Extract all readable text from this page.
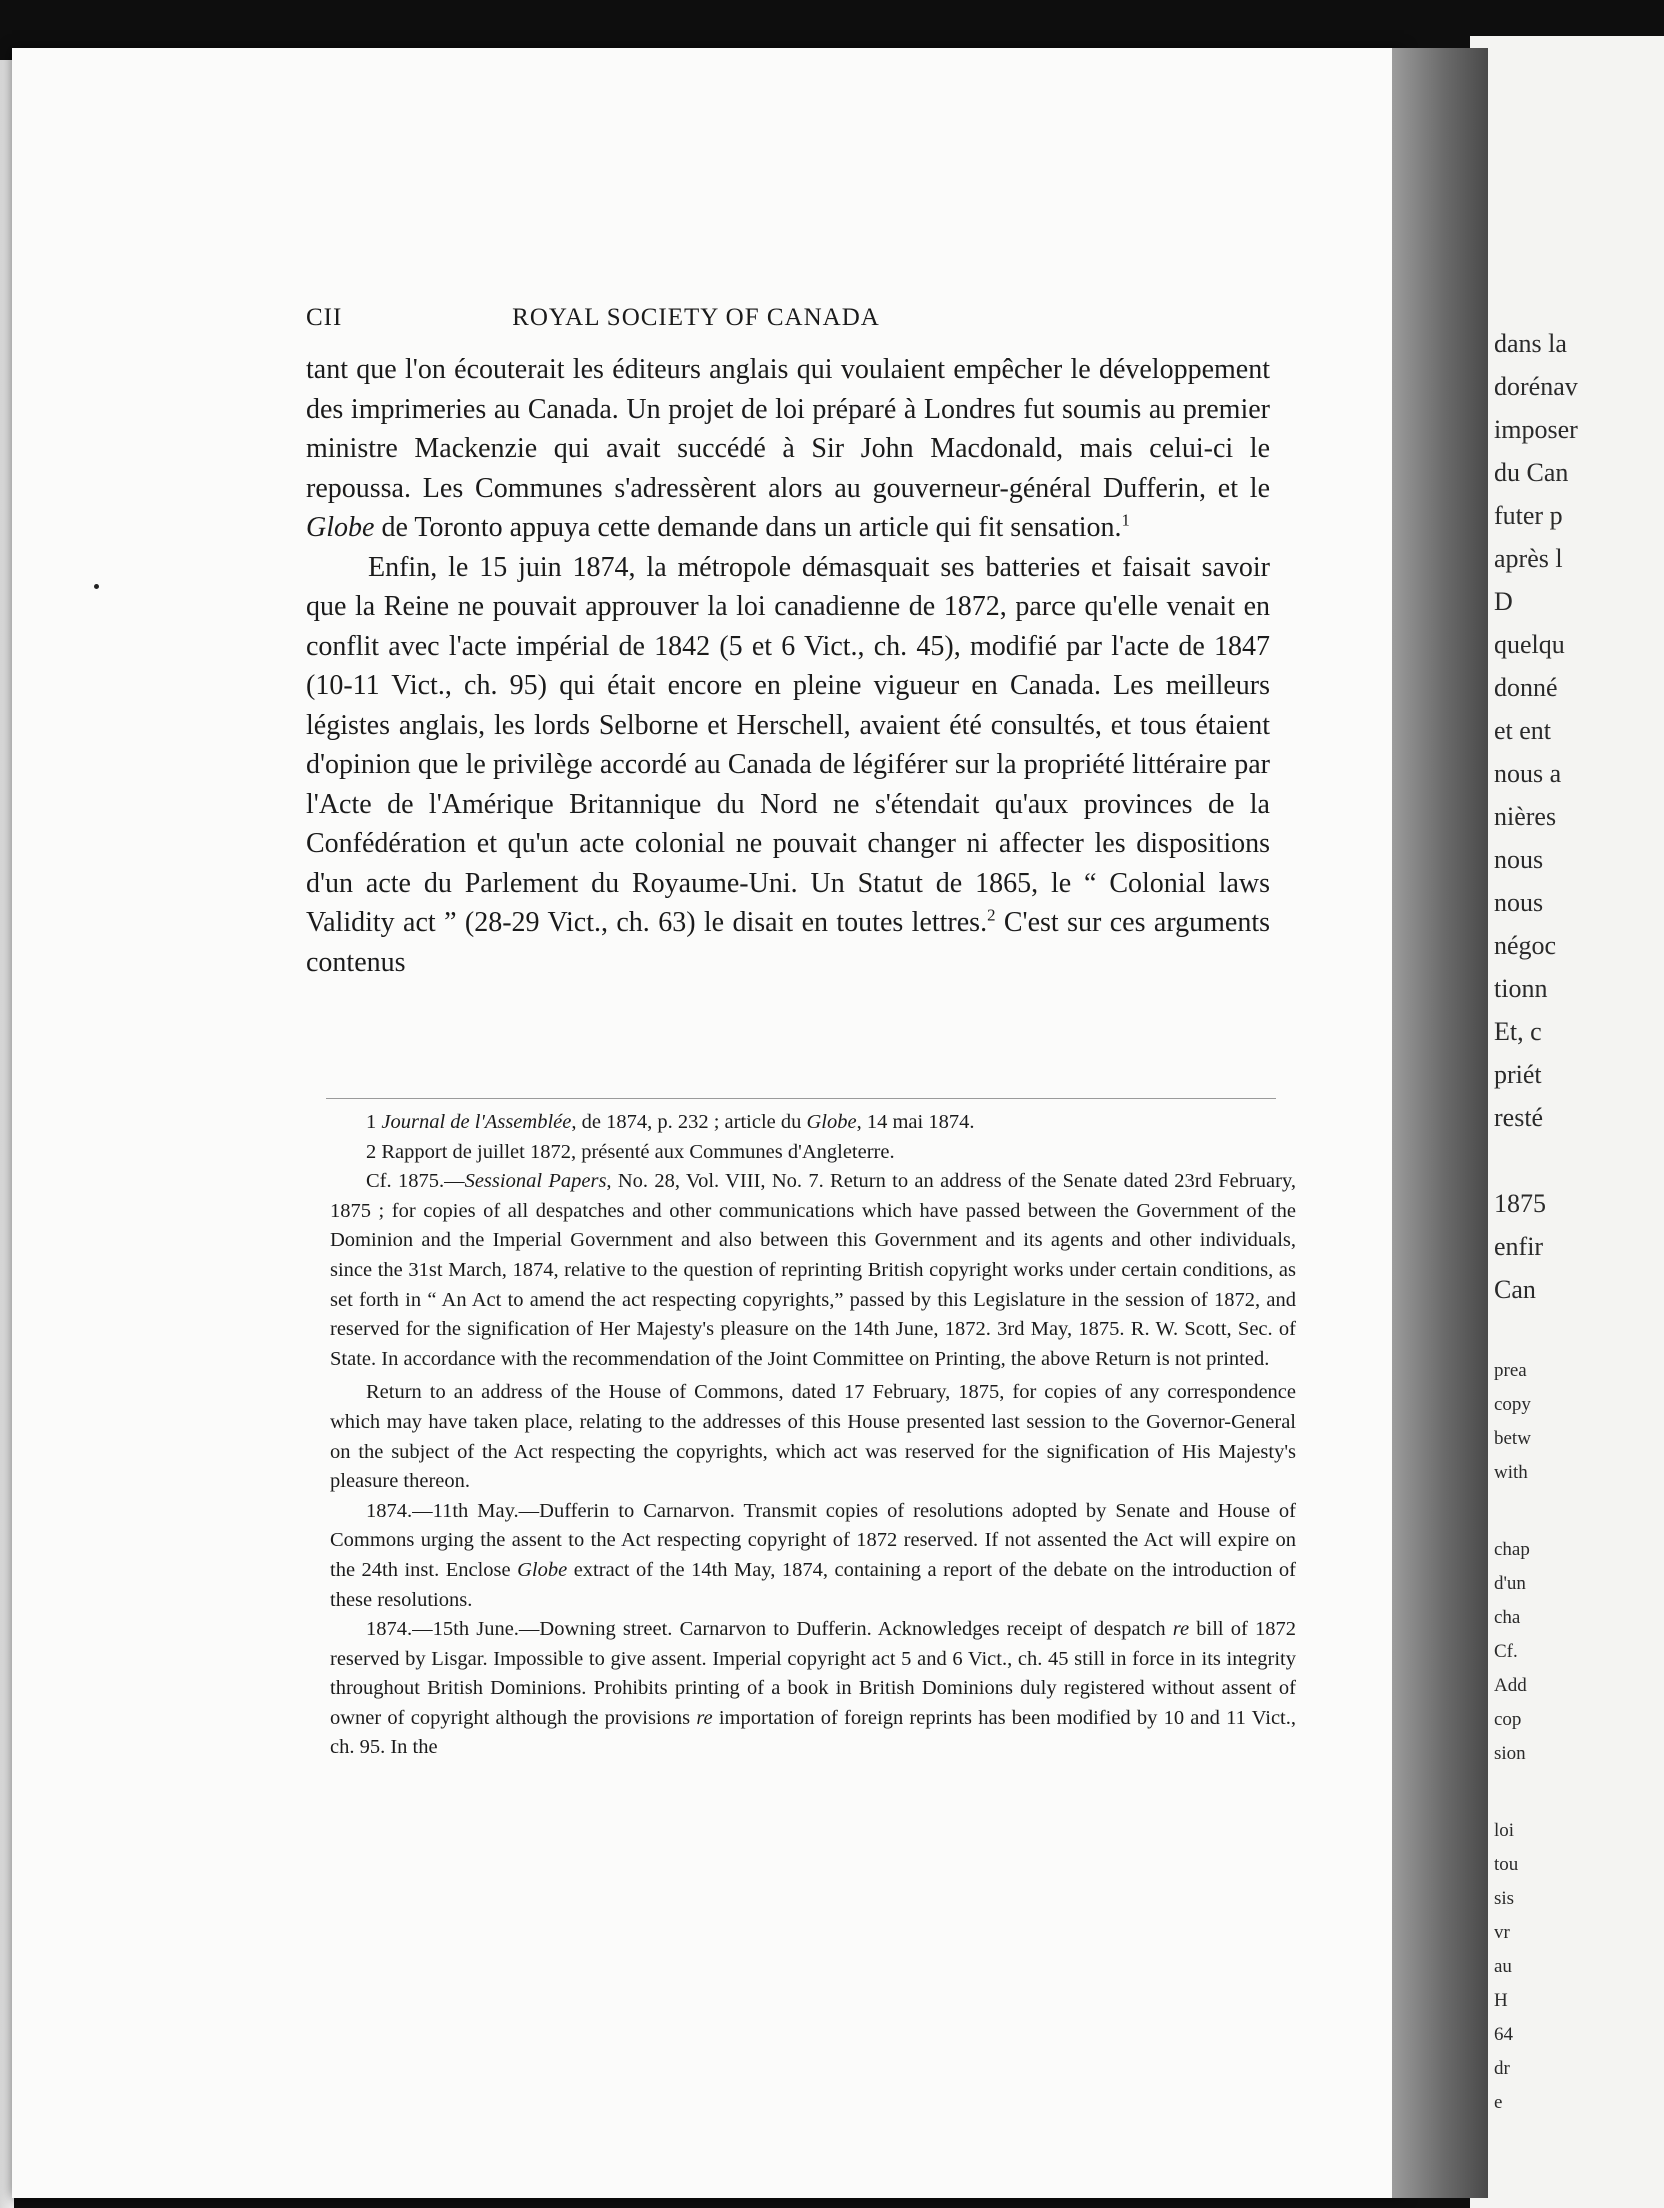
dans la
dorénav
imposer
du Can
futer p
après l
D
quelqu
donné
et ent
nous a
nières
nous
nous
négoc
tionn
Et, c
priét
resté
1875
enfir
Can
prea
copy
betw
with
chap
d'un
cha
Cf.
Add
cop
sion
loi
tou
sis
vr
au
H
64
dr
e
CII	ROYAL SOCIETY OF CANADA

tant que l'on écouterait les éditeurs anglais qui voulaient empêcher le développement des imprimeries au Canada. Un projet de loi préparé à Londres fut soumis au premier ministre Mackenzie qui avait succédé à Sir John Macdonald, mais celui-ci le repoussa. Les Communes s'adressèrent alors au gouverneur-général Dufferin, et le Globe de Toronto appuya cette demande dans un article qui fit sensation.$^1$

Enfin, le 15 juin 1874, la métropole démasquait ses batteries et faisait savoir que la Reine ne pouvait approuver la loi canadienne de 1872, parce qu'elle venait en conflit avec l'acte impérial de 1842 (5 et 6 Vict., ch. 45), modifié par l'acte de 1847 (10-11 Vict., ch. 95) qui était encore en pleine vigueur en Canada. Les meilleurs légistes anglais, les lords Selborne et Herschell, avaient été consultés, et tous étaient d'opinion que le privilège accordé au Canada de légiférer sur la propriété littéraire par l'Acte de l'Amérique Britannique du Nord ne s'étendait qu'aux provinces de la Confédération et qu'un acte colonial ne pouvait changer ni affecter les dispositions d'un acte du Parlement du Royaume-Uni. Un Statut de 1865, le “ Colonial laws Validity act ” (28-29 Vict., ch. 63) le disait en toutes lettres.$^2$ C'est sur ces arguments contenus

1 Journal de l'Assemblée, de 1874, p. 232 ; article du Globe, 14 mai 1874.

2 Rapport de juillet 1872, présenté aux Communes d'Angleterre.

Cf. 1875.—Sessional Papers, No. 28, Vol. VIII, No. 7. Return to an address of the Senate dated 23rd February, 1875 ; for copies of all despatches and other communications which have passed between the Government of the Dominion and the Imperial Government and also between this Government and its agents and other individuals, since the 31st March, 1874, relative to the question of reprinting British copyright works under certain conditions, as set forth in “ An Act to amend the act respecting copyrights,” passed by this Legislature in the session of 1872, and reserved for the signification of Her Majesty's pleasure on the 14th June, 1872. 3rd May, 1875. R. W. Scott, Sec. of State. In accordance with the recommendation of the Joint Committee on Printing, the above Return is not printed.

Return to an address of the House of Commons, dated 17 February, 1875, for copies of any correspondence which may have taken place, relating to the addresses of this House presented last session to the Governor-General on the subject of the Act respecting the copyrights, which act was reserved for the signification of His Majesty's pleasure thereon.

1874.—11th May.—Dufferin to Carnarvon. Transmit copies of resolutions adopted by Senate and House of Commons urging the assent to the Act respecting copyright of 1872 reserved. If not assented the Act will expire on the 24th inst. Enclose Globe extract of the 14th May, 1874, containing a report of the debate on the introduction of these resolutions.

1874.—15th June.—Downing street. Carnarvon to Dufferin. Acknowledges receipt of despatch re bill of 1872 reserved by Lisgar. Impossible to give assent. Imperial copyright act 5 and 6 Vict., ch. 45 still in force in its integrity throughout British Dominions. Prohibits printing of a book in British Dominions duly registered without assent of owner of copyright although the provisions re importation of foreign reprints has been modified by 10 and 11 Vict., ch. 95. In the
